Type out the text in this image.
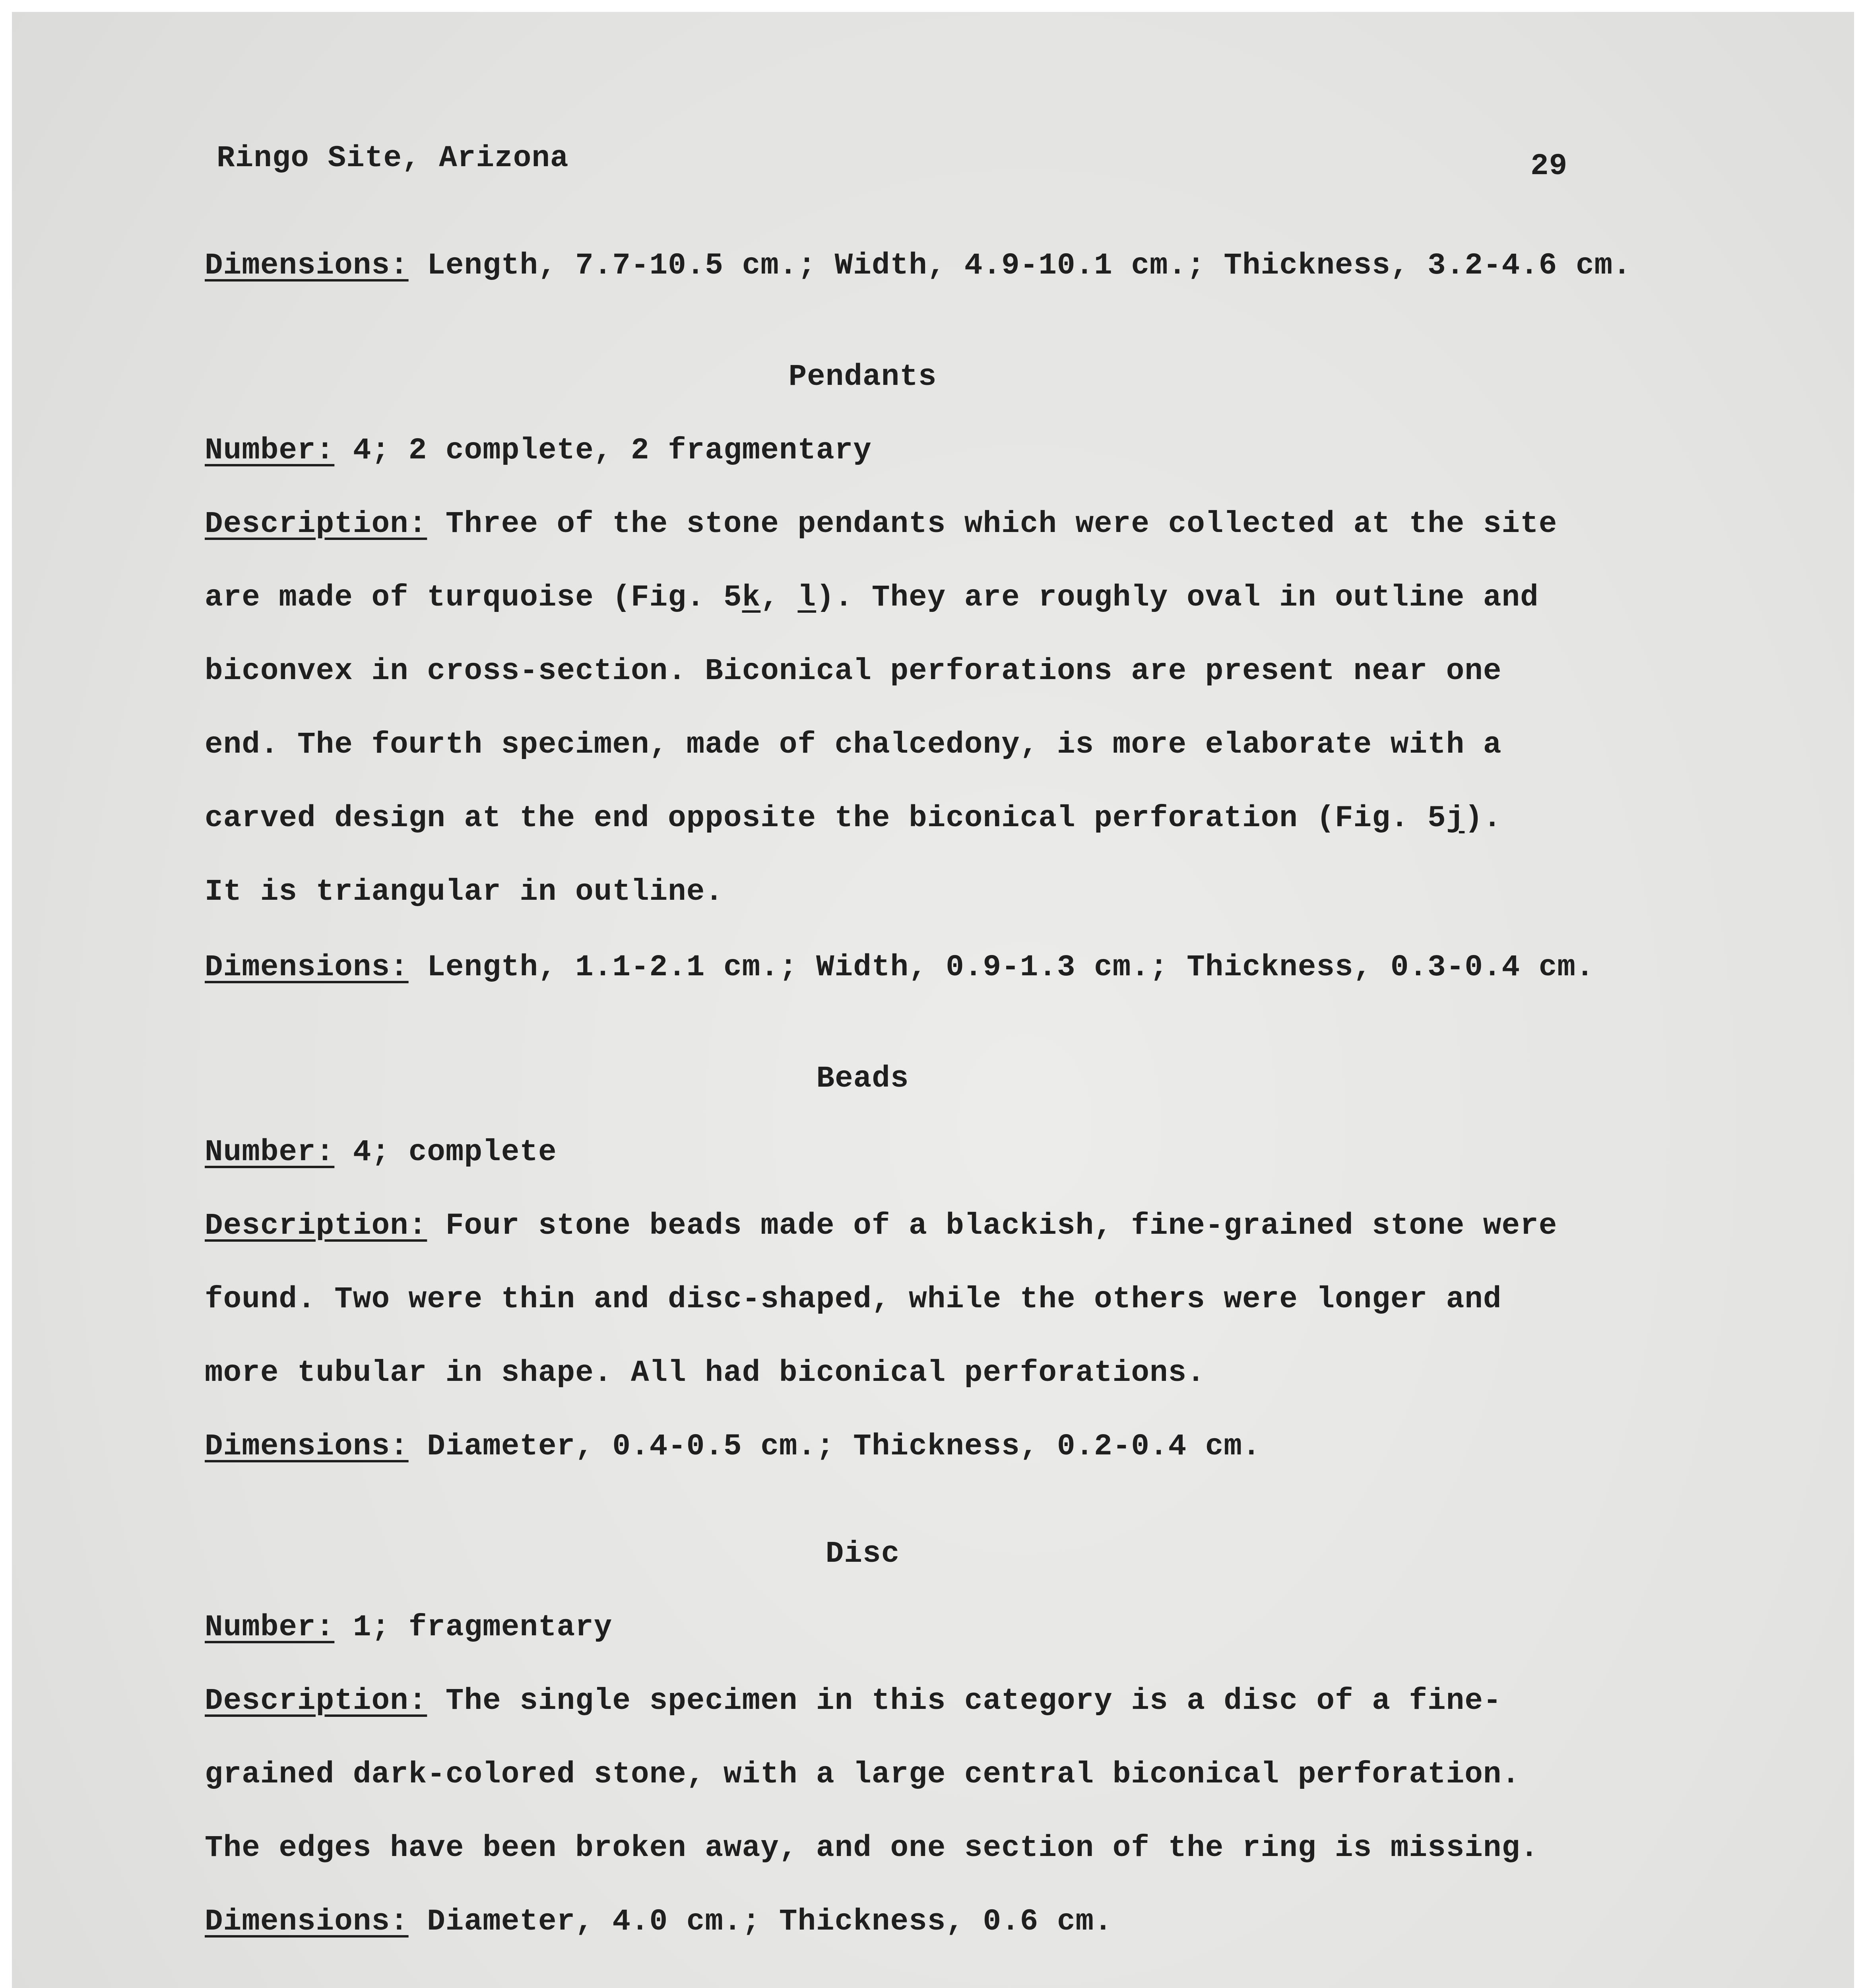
Ringo Site, Arizona	29
Dimensions: Length, 7.7-10.5 cm.; Width, 4.9-10.1 cm.; Thickness, 3.2-4.6 cm.
Pendants
Number: 4; 2 complete, 2 fragmentary
Description: Three of the stone pendants which were collected at the site
are made of turquoise (Fig. 5k, l). They are roughly oval in outline and
biconvex in cross-section. Biconical perforations are present near one
end. The fourth specimen, made of chalcedony, is more elaborate with a
carved design at the end opposite the biconical perforation (Fig. 5j).
It is triangular in outline.
Dimensions: Length, 1.1-2.1 cm.; Width, 0.9-1.3 cm.; Thickness, 0.3-0.4 cm.
Beads
Number: 4; complete
Description: Four stone beads made of a blackish, fine-grained stone were
found. Two were thin and disc-shaped, while the others were longer and
more tubular in shape. All had biconical perforations.
Dimensions: Diameter, 0.4-0.5 cm.; Thickness, 0.2-0.4 cm.
Disc
Number: 1; fragmentary
Description: The single specimen in this category is a disc of a fine-
grained dark-colored stone, with a large central biconical perforation.
The edges have been broken away, and one section of the ring is missing.
Dimensions: Diameter, 4.0 cm.; Thickness, 0.6 cm.
